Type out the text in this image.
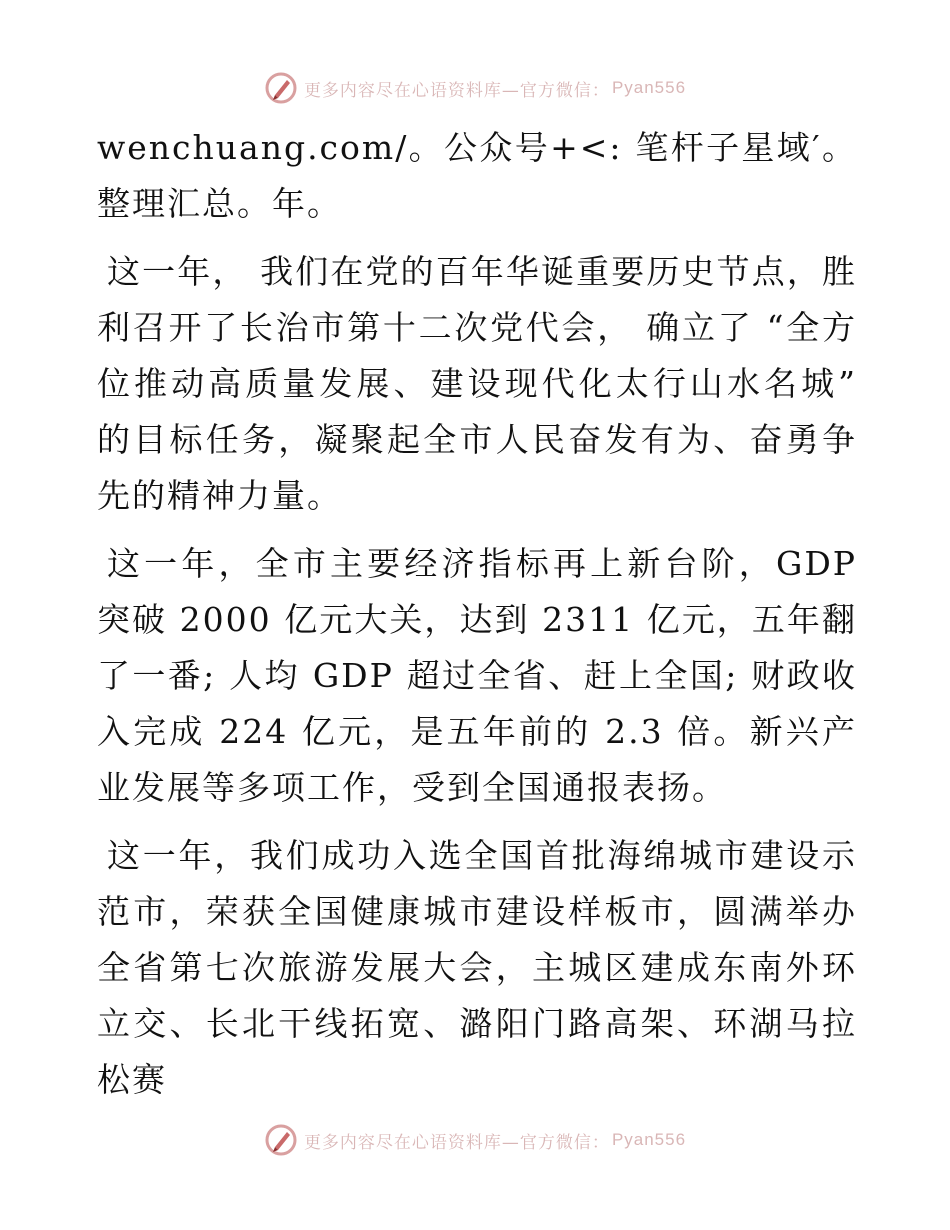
更多内容尽在心语资料库—官方微信： Pyan556

wenchuang.com/。公众号+<: 笔杆子星域′。整理汇总。年。

这一年， 我们在党的百年华诞重要历史节点，胜利召开了长治市第十二次党代会， 确立了 “全方位推动高质量发展、建设现代化太行山水名城” 的目标任务，凝聚起全市人民奋发有为、奋勇争先的精神力量。

这一年，全市主要经济指标再上新台阶，GDP 突破 2000 亿元大关，达到 2311 亿元，五年翻了一番; 人均 GDP 超过全省、赶上全国; 财政收入完成 224 亿元，是五年前的 2.3 倍。新兴产业发展等多项工作，受到全国通报表扬。

这一年，我们成功入选全国首批海绵城市建设示范市，荣获全国健康城市建设样板市，圆满举办全省第七次旅游发展大会，主城区建成东南外环立交、长北干线拓宽、潞阳门路高架、环湖马拉松赛

更多内容尽在心语资料库—官方微信： Pyan556
